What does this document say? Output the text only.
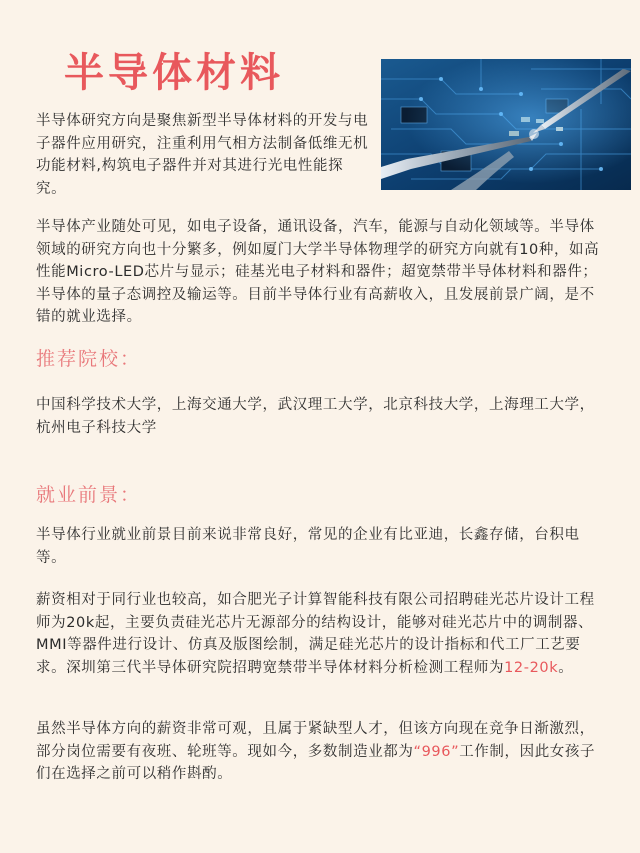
半导体材料

半导体研究方向是聚焦新型半导体材料的开发与电子器件应用研究，注重利用气相方法制备低维无机功能材料,构筑电子器件并对其进行光电性能探究。

半导体产业随处可见，如电子设备，通讯设备，汽车，能源与自动化领域等。半导体领域的研究方向也十分繁多，例如厦门大学半导体物理学的研究方向就有10种，如高性能Micro-LED芯片与显示；硅基光电子材料和器件；超宽禁带半导体材料和器件；半导体的量子态调控及输运等。目前半导体行业有高薪收入，且发展前景广阔，是不错的就业选择。

推荐院校：

中国科学技术大学，上海交通大学，武汉理工大学，北京科技大学，上海理工大学，杭州电子科技大学

就业前景：

半导体行业就业前景目前来说非常良好，常见的企业有比亚迪，长鑫存储，台积电等。

薪资相对于同行业也较高，如合肥光子计算智能科技有限公司招聘硅光芯片设计工程师为20k起，主要负责硅光芯片无源部分的结构设计，能够对硅光芯片中的调制器、MMI等器件进行设计、仿真及版图绘制，满足硅光芯片的设计指标和代工厂工艺要求。深圳第三代半导体研究院招聘宽禁带半导体材料分析检测工程师为12-20k。

虽然半导体方向的薪资非常可观，且属于紧缺型人才，但该方向现在竞争日渐激烈，部分岗位需要有夜班、轮班等。现如今，多数制造业都为“996”工作制，因此女孩子们在选择之前可以稍作斟酌。
